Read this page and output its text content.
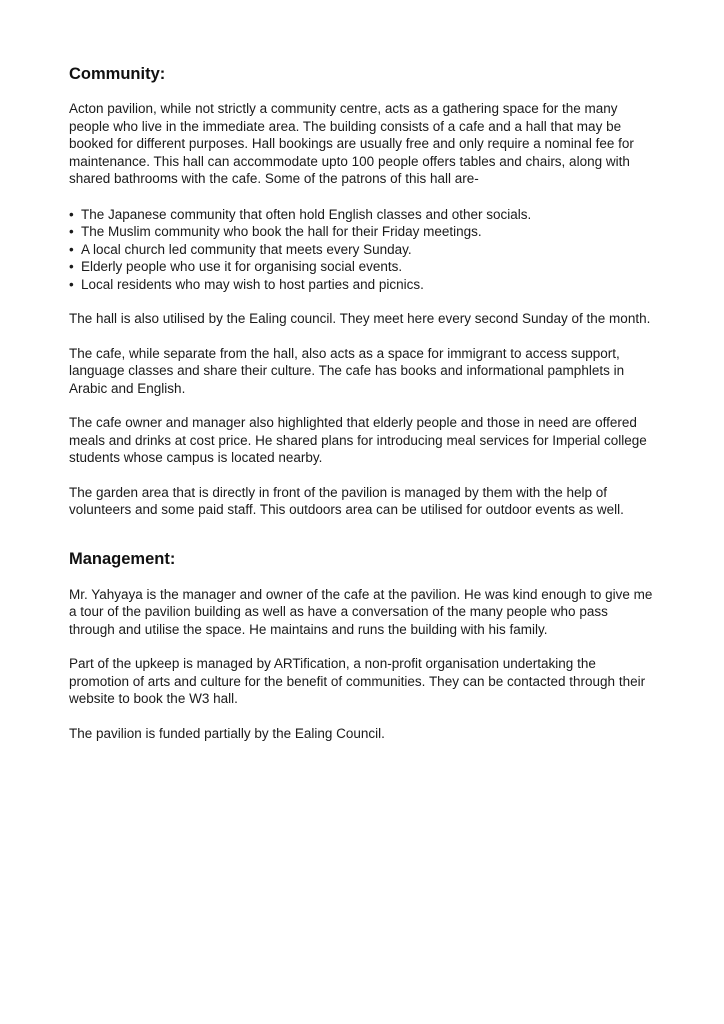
Community:

Acton pavilion, while not strictly a community centre, acts as a gathering space for the many people who live in the immediate area. The building consists of a cafe and a hall that may be booked for different purposes. Hall bookings are usually free and only require a nominal fee for maintenance. This hall can accommodate upto 100 people offers tables and chairs, along with shared bathrooms with the cafe. Some of the patrons of this hall are-

• The Japanese community that often hold English classes and other socials.
• The Muslim community who book the hall for their Friday meetings.
• A local church led community that meets every Sunday.
• Elderly people who use it for organising social events.
• Local residents who may wish to host parties and picnics.

The hall is also utilised by the Ealing council. They meet here every second Sunday of the month.

The cafe, while separate from the hall, also acts as a space for immigrant to access support, language classes and share their culture. The cafe has books and informational pamphlets in Arabic and English.

The cafe owner and manager also highlighted that elderly people and those in need are offered meals and drinks at cost price. He shared plans for introducing meal services for Imperial college students whose campus is located nearby.

The garden area that is directly in front of the pavilion is managed by them with the help of volunteers and some paid staff. This outdoors area can be utilised for outdoor events as well.

Management:

Mr. Yahyaya is the manager and owner of the cafe at the pavilion. He was kind enough to give me a tour of the pavilion building as well as have a conversation of the many people who pass through and utilise the space. He maintains and runs the building with his family.

Part of the upkeep is managed by ARTification, a non-profit organisation undertaking the promotion of arts and culture for the benefit of communities. They can be contacted through their website to book the W3 hall.

The pavilion is funded partially by the Ealing Council.
